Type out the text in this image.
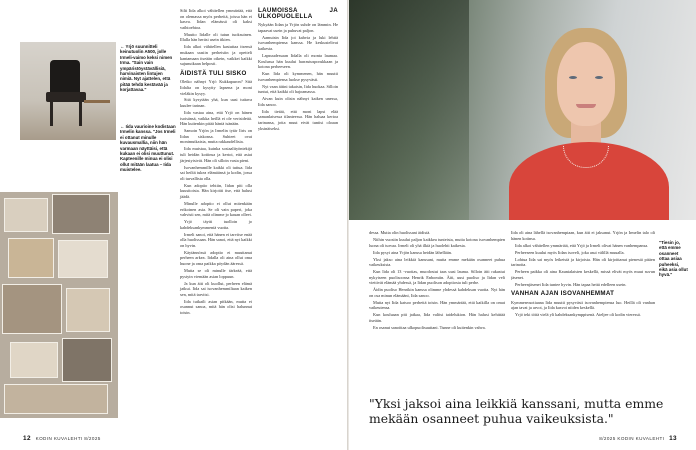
← Yrjö suunnitteli keinutuolin A500, jolle Irmeli-vaimo keksi nimen Irma. "Sain vain ympäristöystävällisiä, harvinaisten lintujen nimiä. Nyt ajattelen, että pitää tehdä kestävää ja korjattavaa."
← Iida vaurioine kodistaan Irmelin kanssa. "Jos Irmeli ei ottanut minulle kuvausmallia, niin hän varmaan näyttäisi, että kukaan ei olisi muuttunut. Kapteenille minua ei olisi ollut mitään laatua – Iida muistelee.

Silti Iida alkoi vähitellen ymmärtää, että on olemassa myös perheitä, joissa hän ei kasva. Iidan elämässä oli kaksi vaihtoehtoa.

Muutto Iidalle oli tutun tuoksuinen. Illalla hän heräsi usein itkien.

Iida alkoi vähitellen kastuttaa itsensä mukaan uusiin perheisiin ja opetteli kantamaan itseään oikein, vaikkei kaikki sujunutkaan helposti.

ÄIDISTÄ TULI SISKO

Oletko nähnyt Yrjö Kukkapuron? Sitä Iidalta on kysytty lapsena ja moni vieläkin kysyy.

Sitä kysytään yhä, kun uusi tuttava kuulee tarinan.

Iida vastaa aina, että Yrjö on hänen isoisänsä, vaikka heillä ei ole verisidettä. Hän kuitenkin pitää häntä isänään.

Samoin Yrjön ja Irmelin tytär Iiris on Iidan siskonsa. Suhteet ovat monimutkaisia, mutta rakkaudellisia.

Iida muistaa, kuinka sosiaalityöntekijä tuli heidän kotiinsa ja kertoi, että asiat järjestyisivät. Hän oli silloin vasta pieni.

Isovanhemmille kaikki oli tuttua. Iida sai heiltä tukea elämäänsä ja kodin, jossa oli turvallista olla.

Kun adoptio tehtiin, Iidan piti olla kuusitoista. Hän kirjoitti itse, että halusi jäädä.

Minulle adoptio ei ollut mitenkään erikoinen asia. Se oli vain paperi, joka vahvisti sen, mitä olimme jo kauan olleet.

Yrjö täytti tuolloin jo kahdeksankymmentä vuotta.

Irmeli sanoi, että hänen ei tarvitse enää olla huolissaan. Hän sanoi, että nyt kaikki on hyvin.

Käytännössä adoptio ei muuttanut perheen arkea. Iidalla oli aina ollut oma huone ja oma paikka pöydän ääressä.

Mutta se oli minulle tärkeää, että pystyin viemään asian loppuun.

Ja kun äiti oli kuollut, perheen elämä jatkui. Iida sai isovanhemmiltaan kaiken sen, mitä tarvitsi.

Iida tutkaili asian pitkään, mutta ei osannut sanoa, mitä hän olisi halunnut toisin.

LAUMOISSA JA ULKOPUOLELLA

Nykyään Iidan ja Yrjön suhde on lämmin. He tapaavat usein ja puhuvat paljon.

Aamuisin Iida joi kahvia ja luki lehtiä isovanhempiensa kanssa. He keskustelivat kaikesta.

Lapsuudessaan Iidalla oli monta laumaa. Koulussa hän kuului harrastusporukkaan ja kotona perheeseen.

Kun Iida oli kymmenen, hän muutti isovanhempiensa luokse pysyvästi.

Nyt vaan äitini takaisin, Iida huokaa. Silloin tuntui, että kaikki oli hajoamassa.

Aivan kuin olisin nähnyt kaiken unessa, Iida sanoo.

Iida tietää, että moni lapsi elää samanlaisessa tilanteessa. Hän haluaa kertoa tarinansa, jotta muut eivät tuntisi oloaan yksinäiseksi.

12 KODIN KUVALEHTI 8/2025

dessa. Mutta olin huolissani äidistä.

Niihin vuosiin kuului paljon kaikkea tunteista, mutta kotona isovanhempien luona oli turvaa. Irmeli oli yhä ilkiä ja huolehti kaikesta.

Iida pysyi aina Yrjön kanssa heidän lähellään.

Yksi jakso aina leikkiä kanssani, mutta emme mekään osanneet puhua vaikeuksista.

Kun Iida oli 13 -vuotias, muodostui taas uusi lauma. Silloin äiti rakastui nykyiseen puolisoonsa Henrik Enbomiin. Äiti, uusi puoliso ja Iidan veli viettivät elämää yhdessä, ja Iidan puolison adoptiosta tuli perhe.

Äidin puoliso Henrikin kanssa olimme yhdessä kahdeksan vuotta. Nyt hän on osa minun elämääni, Iida sanoo.

Mutta nyt Iida katsoo perhettä toisin. Hän ymmärtää, että kaikilla on omat vaikeutensa.

Kun kouluaan piti jatkaa, Iida valitsi taidelukion. Hän halusi kehittää itseään.

En osanut sanoittaa ulkopuolisuuttani. Tunne oli kuitenkin vahva.

Iida oli aina lähellä isovanhempiaan, kun äiti ei jaksanut. Yrjön ja Irmelin talo oli hänen kotinsa.

Iida alkoi vähitellen ymmärtää, että Yrjö ja Irmeli olivat hänen vanhempansa.

Perheeseen kuului myös Iidan isoveli, joka asui välillä muualla.

Lohtua Iida sai myös leikeistä ja kirjoista. Hän oli kirjoittanut pienestä pitäen tarinoita.

Perheen paikka oli aina Kaunialaisten keskellä, missä elivät myös muut suvun jäsenet.

Perheenjäsenet Iida tuntee hyvin. Hän tapaa heitä edelleen usein.

VANHAN AJAN ISOVANHEMMAT

Kymmenvuotiaana Iida muutti pysyvästi isovanhempiensa luo. Heillä oli vanhan ajan tavat ja arvot, ja Iida kasvoi niiden keskellä.

Yrjö teki töitä vielä yli kahdeksankymppisenä. Ateljee oli kodin vieressä.

"Tiesin jo, että emme osanneet ottaa asiaa puheeksi, eikä asia ollut hyvä."
"Yksi jaksoi aina leikkiä kanssani, mutta emme mekään osanneet puhua vaikeuksista."
8/2025 KODIN KUVALEHTI 13
